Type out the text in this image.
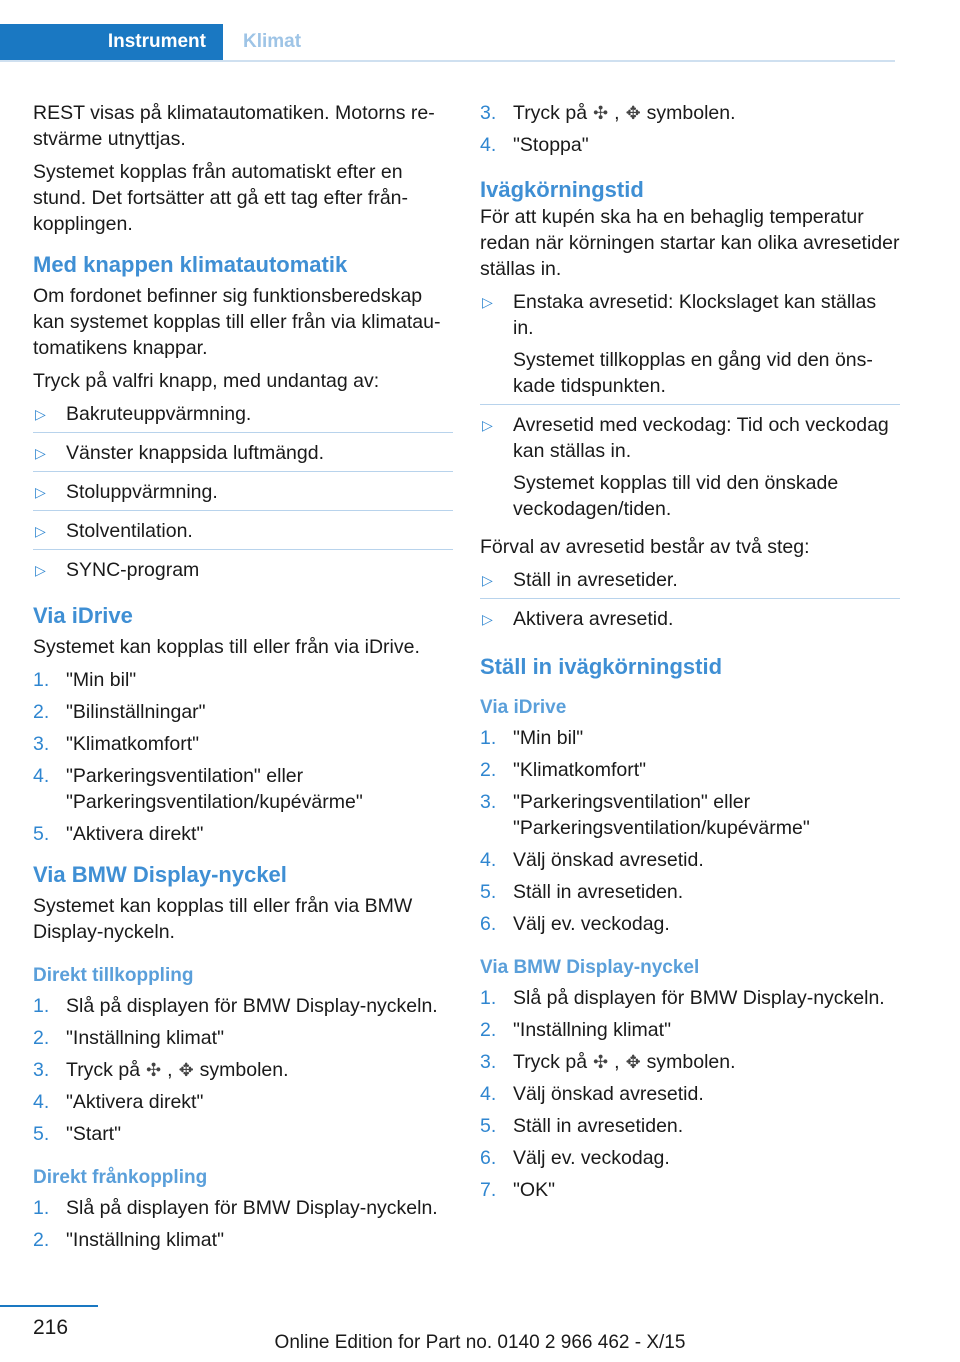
Instrument	Klimat

REST visas på klimatautomatiken. Motorns restvärme utnyttjas.

Systemet kopplas från automatiskt efter en stund. Det fortsätter att gå ett tag efter frånkopplingen.

Med knappen klimatautomatik

Om fordonet befinner sig funktionsberedskap kan systemet kopplas till eller från via klimatautomatikens knappar.

Tryck på valfri knapp, med undantag av:

▷ Bakruteuppvärmning.
▷ Vänster knappsida luftmängd.
▷ Stoluppvärmning.
▷ Stolventilation.
▷ SYNC-program
Via iDrive

Systemet kan kopplas till eller från via iDrive.

1. "Min bil"
2. "Bilinställningar"
3. "Klimatkomfort"
4. "Parkeringsventilation" eller "Parkeringsventilation/kupévärme"
5. "Aktivera direkt"
Via BMW Display-nyckel

Systemet kan kopplas till eller från via BMW Display-nyckeln.

Direkt tillkoppling
1. Slå på displayen för BMW Display-nyckeln.
2. "Inställning klimat"
3. Tryck på ✣ , ✥ symbolen.
4. "Aktivera direkt"
5. "Start"
Direkt frånkoppling
1. Slå på displayen för BMW Display-nyckeln.
2. "Inställning klimat"
3. Tryck på ✣ , ✥ symbolen.
4. "Stoppa"
Ivägkörningstid

För att kupén ska ha en behaglig temperatur redan när körningen startar kan olika avresetider ställas in.

▷ Enstaka avresetid: Klockslaget kan ställas in.
Systemet tillkopplas en gång vid den önskade tidspunkten.
▷ Avresetid med veckodag: Tid och veckodag kan ställas in.
Systemet kopplas till vid den önskade veckodagen/tiden.

Förval av avresetid består av två steg:

▷ Ställ in avresetider.
▷ Aktivera avresetid.
Ställ in ivägkörningstid
Via iDrive
1. "Min bil"
2. "Klimatkomfort"
3. "Parkeringsventilation" eller "Parkeringsventilation/kupévärme"
4. Välj önskad avresetid.
5. Ställ in avresetiden.
6. Välj ev. veckodag.
Via BMW Display-nyckel
1. Slå på displayen för BMW Display-nyckeln.
2. "Inställning klimat"
3. Tryck på ✣ , ✥ symbolen.
4. Välj önskad avresetid.
5. Ställ in avresetiden.
6. Välj ev. veckodag.
7. "OK"
216
Online Edition for Part no. 0140 2 966 462 - X/15
